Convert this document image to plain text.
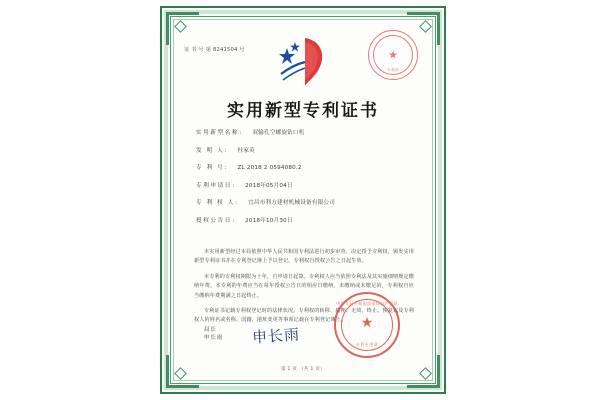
证 书 号 第 8241504 号	★
专利局
实用新型专利证书
实用新型名称： 双输孔空螺旋钻口机
发 明 人： 杜家英
专 利 号： ZL 2018 2 0594080.2
专利申请日： 2018年05月04日
专 利 权 人： 宜昌市利方建材机械设备有限公司
授权公告日： 2018年10月30日

本实用新型经过本局依照中华人民共和国专利法进行初步审查，决定授予专利权，颁发实用新型专利证书并在专利登记簿上予以登记。专利权自授权公告之日起生效。

本专利的专利权期限为十年，自申请日起算。专利权人应当依照专利法及其实施细则规定缴纳年费。本专利的年费应当在每年授权公告日的相应日缴纳，未缴纳或未缴足的，专利权自应当缴纳年费期满之日起终止。

专利证书记载专利权登记时的法律状况。专利权的转移、质押、无效、终止、恢复以及专利权人的姓名或名称、国籍、地址变更等事项记载在专利登记簿上。

局长
申长雨 申长雨
中华人民共和国国家知识产权局
★
专利专用章
第 1 页 （共 1 页）
